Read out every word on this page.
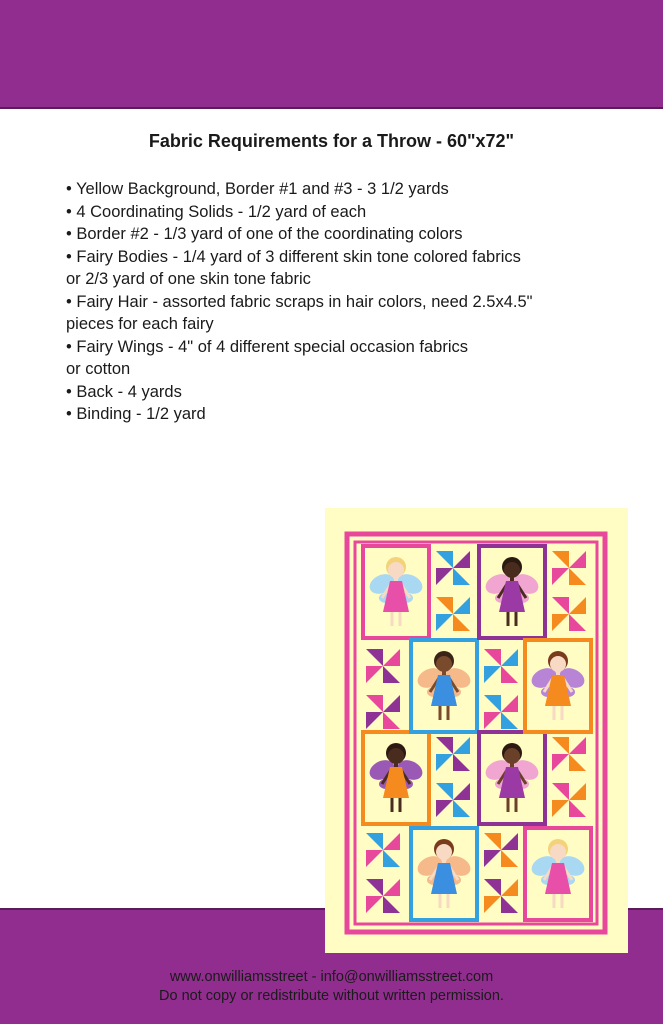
Fabric Requirements for a Throw - 60"x72"
• Yellow Background, Border #1 and #3 - 3 1/2 yards
• 4 Coordinating Solids - 1/2 yard of each
• Border #2 - 1/3 yard of one of the coordinating colors
• Fairy Bodies - 1/4 yard of 3 different skin tone colored fabrics
or 2/3 yard of one skin tone fabric
• Fairy Hair - assorted fabric scraps in hair colors, need 2.5x4.5"
pieces for each fairy
• Fairy Wings - 4" of 4 different special occasion fabrics
or cotton
• Back - 4 yards
• Binding - 1/2 yard
www.onwilliamsstreet - info@onwilliamsstreet.com
Do not copy or redistribute without written permission.
